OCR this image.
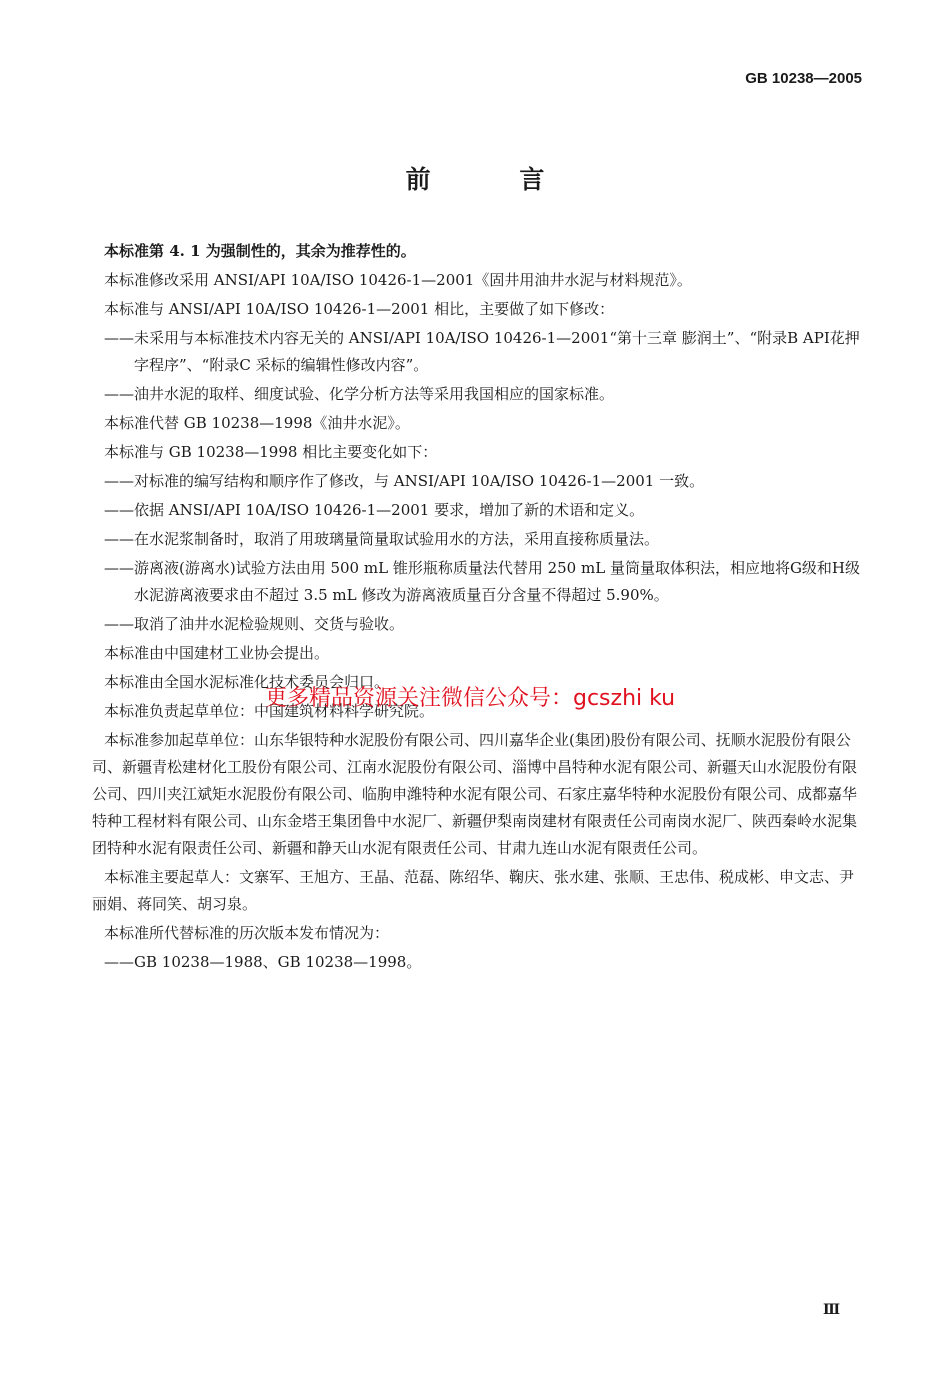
GB 10238—2005
前 言

本标准第 4. 1 为强制性的，其余为推荐性的。

本标准修改采用 ANSI/API 10A/ISO 10426-1—2001《固井用油井水泥与材料规范》。

本标准与 ANSI/API 10A/ISO 10426-1—2001 相比，主要做了如下修改：

——未采用与本标准技术内容无关的 ANSI/API 10A/ISO 10426-1—2001“第十三章 膨润土”、“附录B API花押字程序”、“附录C 采标的编辑性修改内容”。

——油井水泥的取样、细度试验、化学分析方法等采用我国相应的国家标准。

本标准代替 GB 10238—1998《油井水泥》。

本标准与 GB 10238—1998 相比主要变化如下：

——对标准的编写结构和顺序作了修改，与 ANSI/API 10A/ISO 10426-1—2001 一致。

——依据 ANSI/API 10A/ISO 10426-1—2001 要求，增加了新的术语和定义。

——在水泥浆制备时，取消了用玻璃量筒量取试验用水的方法，采用直接称质量法。

——游离液(游离水)试验方法由用 500 mL 锥形瓶称质量法代替用 250 mL 量筒量取体积法，相应地将G级和H级水泥游离液要求由不超过 3.5 mL 修改为游离液质量百分含量不得超过 5.90%。

——取消了油井水泥检验规则、交货与验收。

本标准由中国建材工业协会提出。

本标准由全国水泥标准化技术委员会归口。

本标准负责起草单位：中国建筑材料科学研究院。

本标准参加起草单位：山东华银特种水泥股份有限公司、四川嘉华企业(集团)股份有限公司、抚顺水泥股份有限公司、新疆青松建材化工股份有限公司、江南水泥股份有限公司、淄博中昌特种水泥有限公司、新疆天山水泥股份有限公司、四川夹江斌矩水泥股份有限公司、临朐申潍特种水泥有限公司、石家庄嘉华特种水泥股份有限公司、成都嘉华特种工程材料有限公司、山东金塔王集团鲁中水泥厂、新疆伊梨南岗建材有限责任公司南岗水泥厂、陕西秦岭水泥集团特种水泥有限责任公司、新疆和静天山水泥有限责任公司、甘肃九连山水泥有限责任公司。

本标准主要起草人：文寨军、王旭方、王晶、范磊、陈绍华、鞠庆、张水建、张顺、王忠伟、税成彬、申文志、尹丽娟、蒋同笑、胡习泉。

本标准所代替标准的历次版本发布情况为：

——GB 10238—1988、GB 10238—1998。

更多精品资源关注微信公众号：gcszhi ku
Ⅲ
